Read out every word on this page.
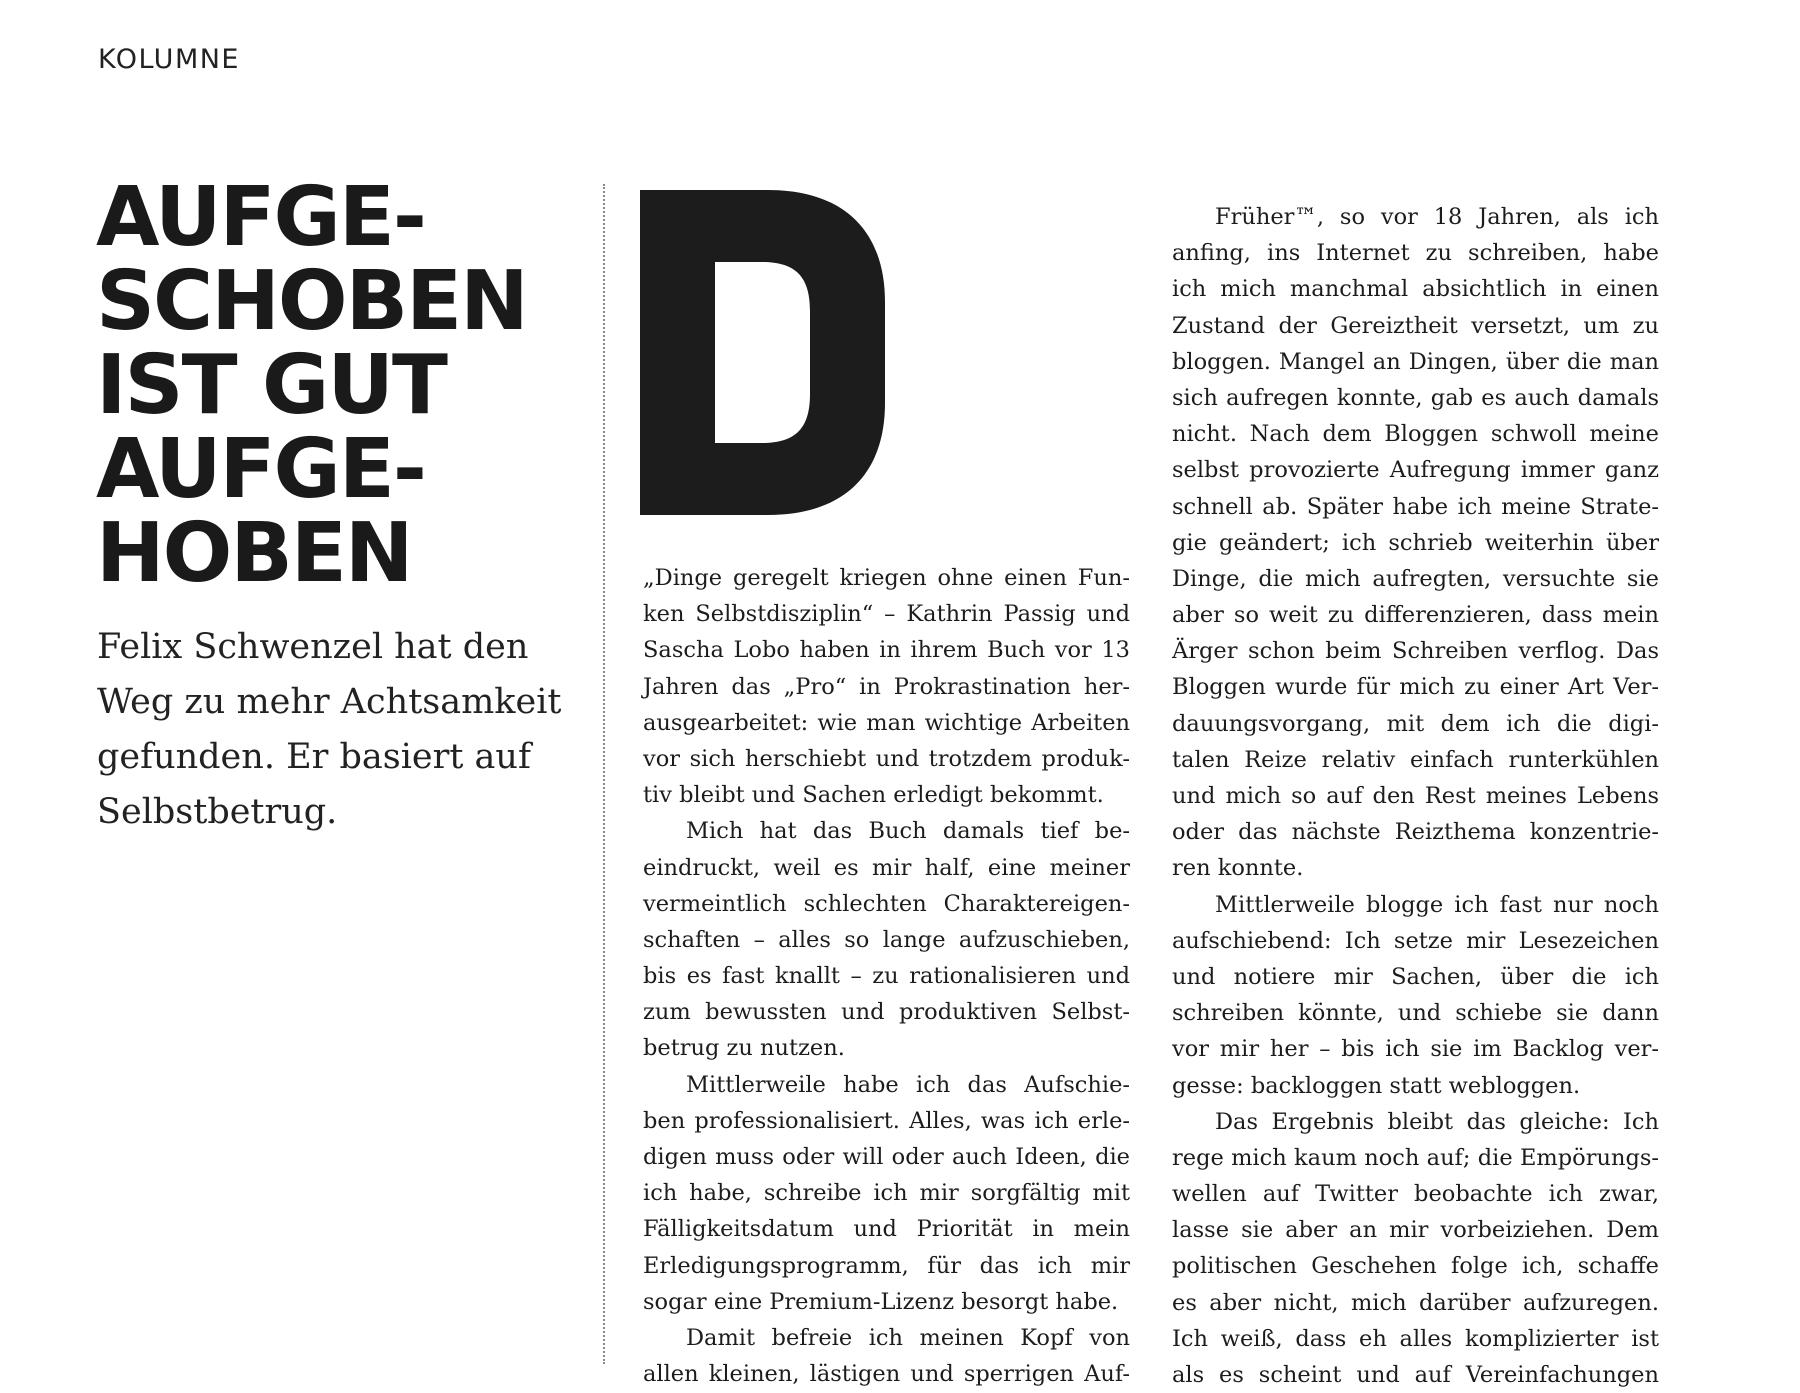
KOLUMNE
AUFGE-
SCHOBEN
IST GUT
AUFGE-
HOBEN
Felix Schwenzel hat den
Weg zu mehr Achtsamkeit
gefunden. Er basiert auf
Selbstbetrug.
„Dinge geregelt kriegen ohne einen Fun-
ken Selbstdisziplin“ – Kathrin Passig und
Sascha Lobo haben in ihrem Buch vor 13
Jahren das „Pro“ in Prokrastination her-
ausgearbeitet: wie man wichtige Arbeiten
vor sich herschiebt und trotzdem produk-
tiv bleibt und Sachen erledigt bekommt.
Mich hat das Buch damals tief be-
eindruckt, weil es mir half, eine meiner
vermeintlich schlechten Charaktereigen-
schaften – alles so lange aufzuschieben,
bis es fast knallt – zu rationalisieren und
zum bewussten und produktiven Selbst-
betrug zu nutzen.
Mittlerweile habe ich das Aufschie-
ben professionalisiert. Alles, was ich erle-
digen muss oder will oder auch Ideen, die
ich habe, schreibe ich mir sorgfältig mit
Fälligkeitsdatum und Priorität in mein
Erledigungsprogramm, für das ich mir
sogar eine Premium-Lizenz besorgt habe.
Damit befreie ich meinen Kopf von
allen kleinen, lästigen und sperrigen Auf-
Früher™, so vor 18 Jahren, als ich
anfing, ins Internet zu schreiben, habe
ich mich manchmal absichtlich in einen
Zustand der Gereiztheit versetzt, um zu
bloggen. Mangel an Dingen, über die man
sich aufregen konnte, gab es auch damals
nicht. Nach dem Bloggen schwoll meine
selbst provozierte Aufregung immer ganz
schnell ab. Später habe ich meine Strate-
gie geändert; ich schrieb weiterhin über
Dinge, die mich aufregten, versuchte sie
aber so weit zu differenzieren, dass mein
Ärger schon beim Schreiben verflog. Das
Bloggen wurde für mich zu einer Art Ver-
dauungsvorgang, mit dem ich die digi-
talen Reize relativ einfach runterkühlen
und mich so auf den Rest meines Lebens
oder das nächste Reizthema konzentrie-
ren konnte.
Mittlerweile blogge ich fast nur noch
aufschiebend: Ich setze mir Lesezeichen
und notiere mir Sachen, über die ich
schreiben könnte, und schiebe sie dann
vor mir her – bis ich sie im Backlog ver-
gesse: backloggen statt webloggen.
Das Ergebnis bleibt das gleiche: Ich
rege mich kaum noch auf; die Empörungs-
wellen auf Twitter beobachte ich zwar,
lasse sie aber an mir vorbeiziehen. Dem
politischen Geschehen folge ich, schaffe
es aber nicht, mich darüber aufzuregen.
Ich weiß, dass eh alles komplizierter ist
als es scheint und auf Vereinfachungen
